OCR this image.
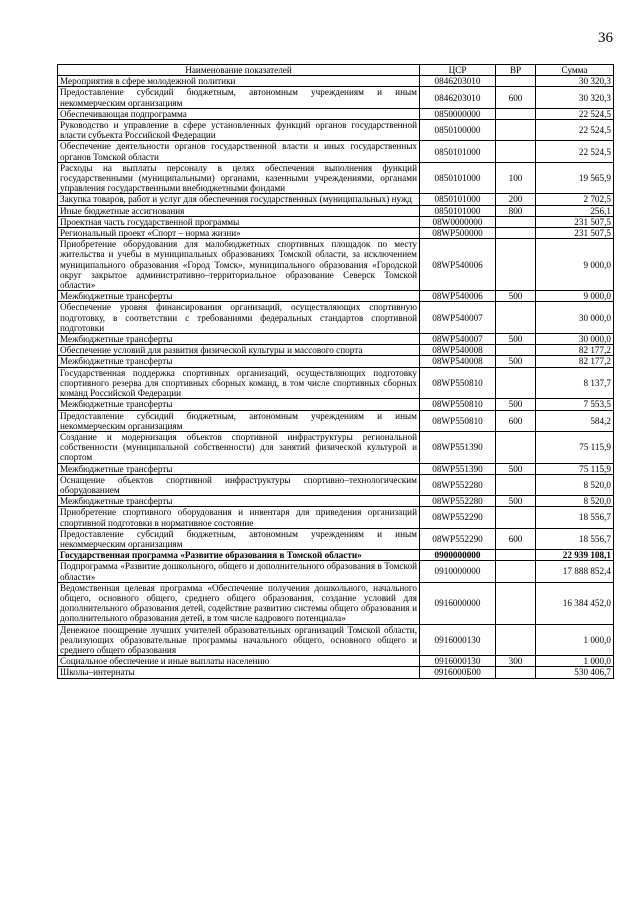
36
Наименование показателей	ЦСР	ВР	Сумма
Мероприятия в сфере молодежной политики	0846203010		30 320,3
Предоставление субсидий бюджетным, автономным учреждениям и иным некоммерческим организациям	0846203010	600	30 320,3
Обеспечивающая подпрограмма	0850000000		22 524,5
Руководство и управление в сфере установленных функций органов государственной власти субъекта Российской Федерации	0850100000		22 524,5
Обеспечение деятельности органов государственной власти и иных государственных органов Томской области	0850101000		22 524,5
Расходы на выплаты персоналу в целях обеспечения выполнения функций государственными (муниципальными) органами, казенными учреждениями, органами управления государственными внебюджетными фондами	0850101000	100	19 565,9
Закупка товаров, работ и услуг для обеспечения государственных (муниципальных) нужд	0850101000	200	2 702,5
Иные бюджетные ассигнования	0850101000	800	256,1
Проектная часть государственной программы	08W0000000		231 507,5
Региональный проект «Спорт – норма жизни»	08WP500000		231 507,5
Приобретение оборудования для малобюджетных спортивных площадок по месту жительства и учебы в муниципальных образованиях Томской области, за исключением муниципального образования «Город Томск», муниципального образования «Городской округ закрытое административно–территориальное образование Северск Томской области»	08WP540006		9 000,0
Межбюджетные трансферты	08WP540006	500	9 000,0
Обеспечение уровня финансирования организаций, осуществляющих спортивную подготовку, в соответствии с требованиями федеральных стандартов спортивной подготовки	08WP540007		30 000,0
Межбюджетные трансферты	08WP540007	500	30 000,0
Обеспечение условий для развития физической культуры и массового спорта	08WP540008		82 177,2
Межбюджетные трансферты	08WP540008	500	82 177,2
Государственная поддержка спортивных организаций, осуществляющих подготовку спортивного резерва для спортивных сборных команд, в том числе спортивных сборных команд Российской Федерации	08WP550810		8 137,7
Межбюджетные трансферты	08WP550810	500	7 553,5
Предоставление субсидий бюджетным, автономным учреждениям и иным некоммерческим организациям	08WP550810	600	584,2
Создание и модернизация объектов спортивной инфраструктуры региональной собственности (муниципальной собственности) для занятий физической культурой и спортом	08WP551390		75 115,9
Межбюджетные трансферты	08WP551390	500	75 115,9
Оснащение объектов спортивной инфраструктуры спортивно–технологическим оборудованием	08WP552280		8 520,0
Межбюджетные трансферты	08WP552280	500	8 520,0
Приобретение спортивного оборудования и инвентаря для приведения организаций спортивной подготовки в нормативное состояние	08WP552290		18 556,7
Предоставление субсидий бюджетным, автономным учреждениям и иным некоммерческим организациям	08WP552290	600	18 556,7
Государственная программа «Развитие образования в Томской области»	0900000000		22 939 108,1
Подпрограмма «Развитие дошкольного, общего и дополнительного образования в Томской области»	0910000000		17 888 852,4
Ведомственная целевая программа «Обеспечение получения дошкольного, начального общего, основного общего, среднего общего образования, создание условий для дополнительного образования детей, содействие развитию системы общего образования и дополнительного образования детей, в том числе кадрового потенциала»	0916000000		16 384 452,0
Денежное поощрение лучших учителей образовательных организаций Томской области, реализующих образовательные программы начального общего, основного общего и среднего общего образования	0916000130		1 000,0
Социальное обеспечение и иные выплаты населению	0916000130	300	1 000,0
Школы–интернаты	0916000Б00		530 406,7
